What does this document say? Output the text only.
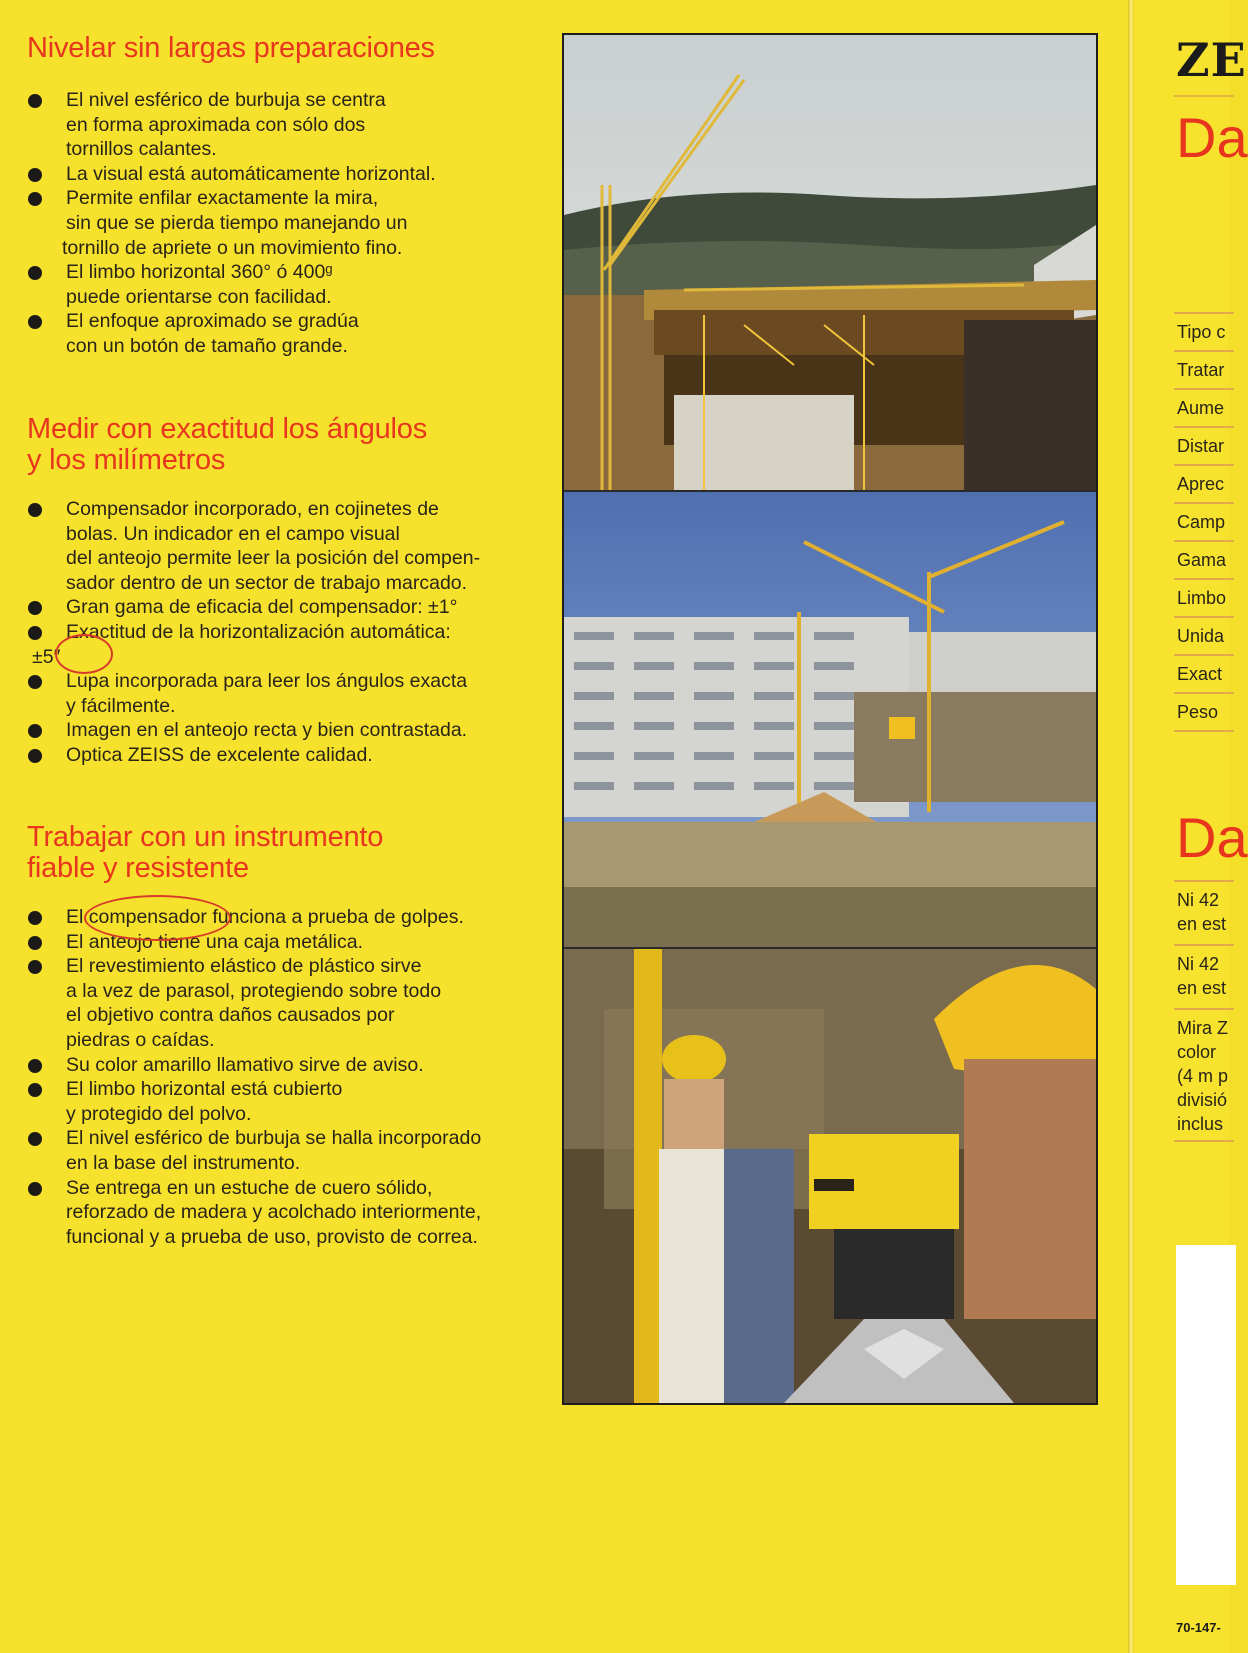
Nivelar sin largas preparaciones
El nivel esférico de burbuja se centra
en forma aproximada con sólo dos
tornillos calantes.
La visual está automáticamente horizontal.
Permite enfilar exactamente la mira,
sin que se pierda tiempo manejando un
tornillo de apriete o un movimiento fino.
El limbo horizontal 360° ó 400ᵍ
puede orientarse con facilidad.
El enfoque aproximado se gradúa
con un botón de tamaño grande.
Medir con exactitud los ángulos
y los milímetros
Compensador incorporado, en cojinetes de
bolas. Un indicador en el campo visual
del anteojo permite leer la posición del compen-
sador dentro de un sector de trabajo marcado.
Gran gama de eficacia del compensador: ±1°
Exactitud de la horizontalización automática:
±5″
Lupa incorporada para leer los ángulos exacta
y fácilmente.
Imagen en el anteojo recta y bien contrastada.
Optica ZEISS de excelente calidad.
Trabajar con un instrumento
fiable y resistente
El compensador funciona a prueba de golpes.
El anteojo tiene una caja metálica.
El revestimiento elástico de plástico sirve
a la vez de parasol, protegiendo sobre todo
el objetivo contra daños causados por
piedras o caídas.
Su color amarillo llamativo sirve de aviso.
El limbo horizontal está cubierto
y protegido del polvo.
El nivel esférico de burbuja se halla incorporado
en la base del instrumento.
Se entrega en un estuche de cuero sólido,
reforzado de madera y acolchado interiormente,
funcional y a prueba de uso, provisto de correa.
ZE
Da
Tipo c
Tratar
Aume
Distar
Aprec
Camp
Gama
Limbo
Unida
Exact
Peso
Da
Ni 42
en est
Ni 42
en est
Mira Z
color
(4 m p
divisió
inclus
70-147-
